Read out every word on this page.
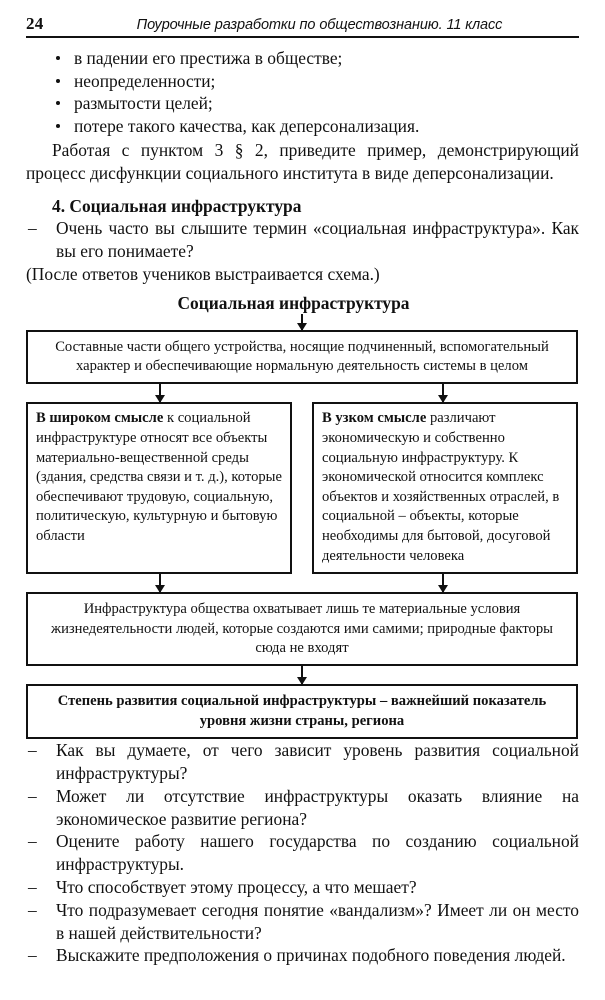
24	Поурочные разработки по обществознанию. 11 класс
в падении его престижа в обществе;
неопределенности;
размытости целей;
потере такого качества, как деперсонализация.

Работая с пунктом 3 § 2, приведите пример, демонстрирующий процесс дисфункции социального института в виде деперсонализации.

4. Социальная инфраструктура
– Очень часто вы слышите термин «социальная инфраструктура». Как вы его понимаете?
(После ответов учеников выстраивается схема.)
Социальная инфраструктура

Составные части общего устройства, носящие подчиненный, вспомогательный характер и обеспечивающие нормальную деятельность системы в целом

В широком смысле к социальной инфраструктуре относят все объекты материально-вещественной среды (здания, средства связи и т. д.), которые обеспечивают трудовую, социальную, политическую, культурную и бытовую области

В узком смысле различают экономическую и собственно социальную инфраструктуру. К экономической относится комплекс объектов и хозяйственных отраслей, в социальной – объекты, которые необходимы для бытовой, досуговой деятельности человека

Инфраструктура общества охватывает лишь те материальные условия жизнедеятельности людей, которые создаются ими самими; природные факторы сюда не входят

Степень развития социальной инфраструктуры – важнейший показатель уровня жизни страны, региона

– Как вы думаете, от чего зависит уровень развития социальной инфраструктуры?
– Может ли отсутствие инфраструктуры оказать влияние на экономическое развитие региона?
– Оцените работу нашего государства по созданию социальной инфраструктуры.
– Что способствует этому процессу, а что мешает?
– Что подразумевает сегодня понятие «вандализм»? Имеет ли он место в нашей действительности?
– Выскажите предположения о причинах подобного поведения людей.
